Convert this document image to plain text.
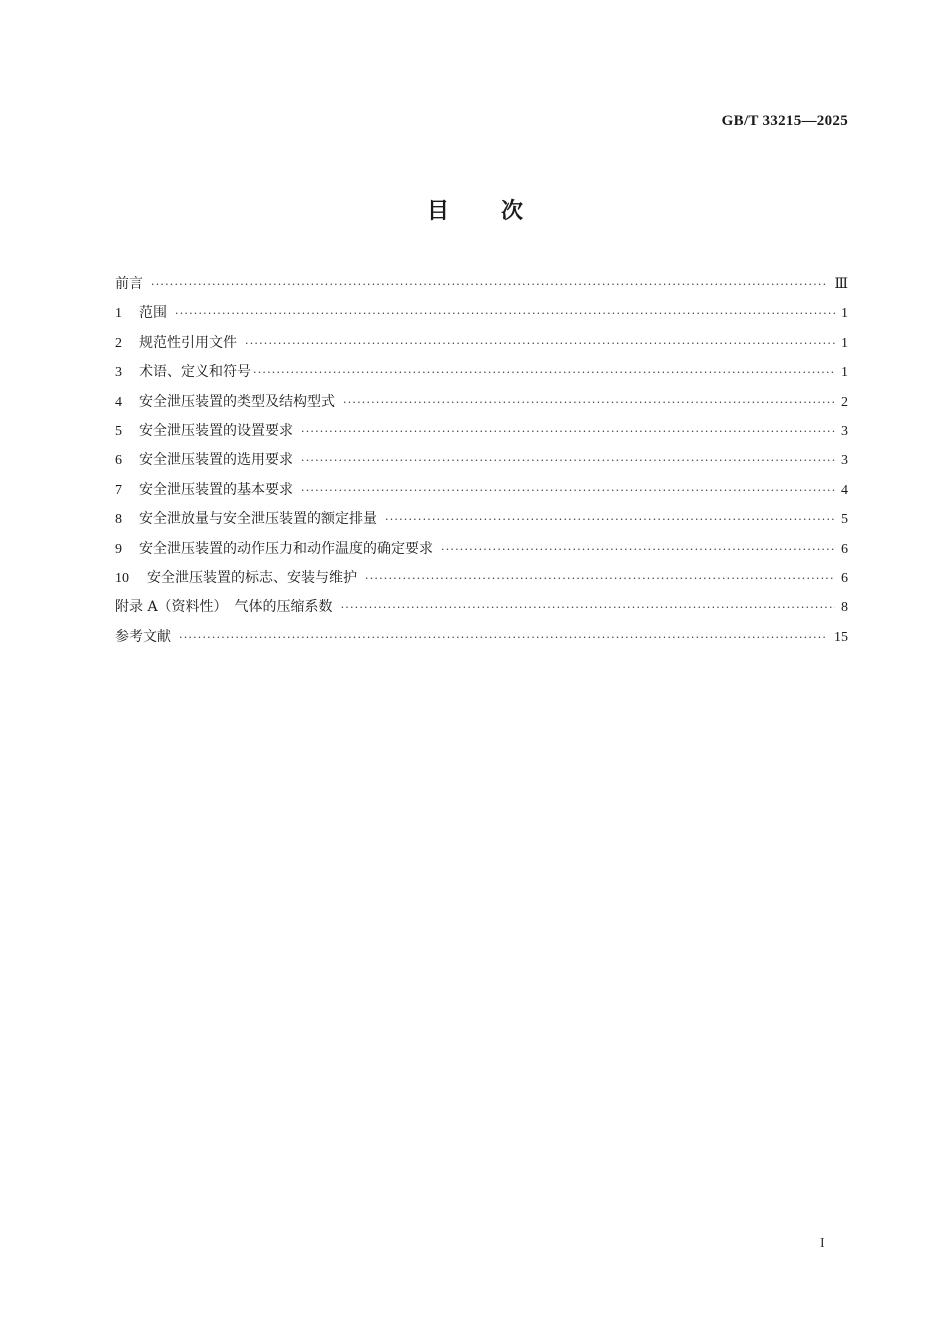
GB/T 33215—2025
目 次
前言 ·····	Ⅲ
1	范围 ·····	1
2	规范性引用文件 ·····	1
3	术语、定义和符号 ·····	1
4	安全泄压装置的类型及结构型式 ·····	2
5	安全泄压装置的设置要求 ·····	3
6	安全泄压装置的选用要求 ·····	3
7	安全泄压装置的基本要求 ·····	4
8	安全泄放量与安全泄压装置的额定排量 ·····	5
9	安全泄压装置的动作压力和动作温度的确定要求 ·····	6
10	安全泄压装置的标志、安装与维护 ·····	6
附录 A（资料性）　气体的压缩系数 ·····	8
参考文献 ·····	15
I
